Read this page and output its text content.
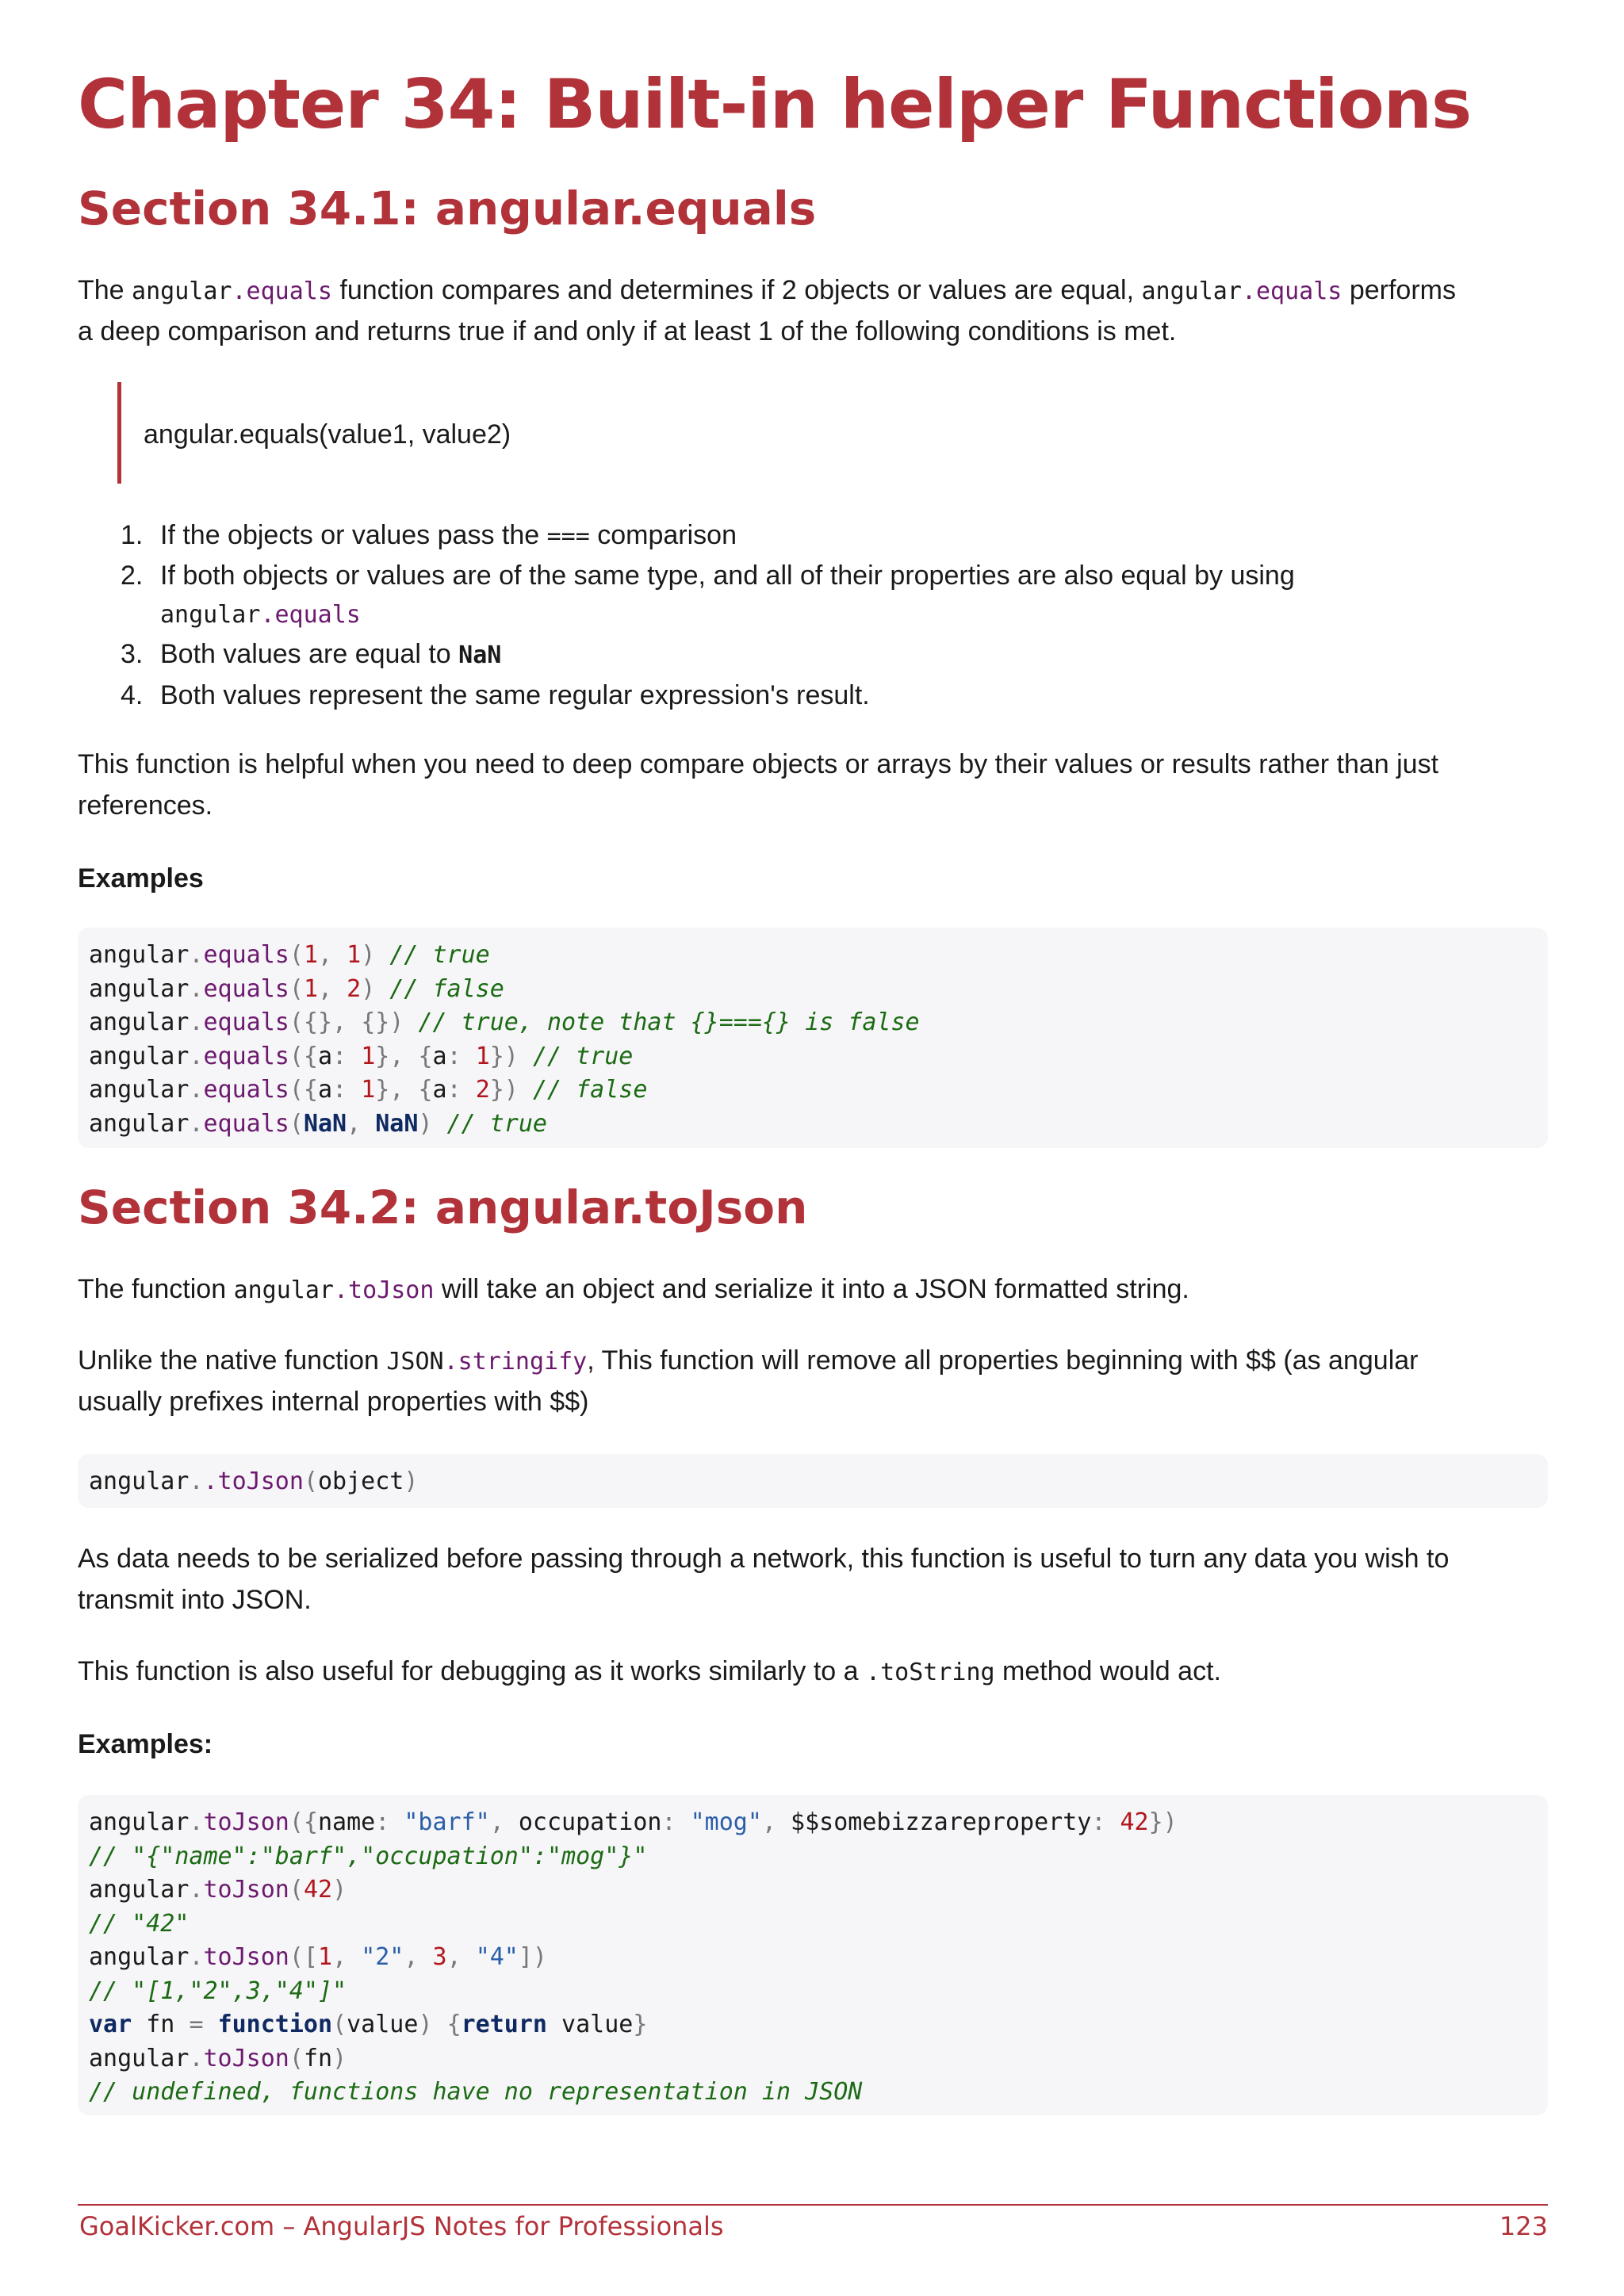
Chapter 34: Built-in helper Functions
Section 34.1: angular.equals

The angular.equals function compares and determines if 2 objects or values are equal, angular.equals performs

a deep comparison and returns true if and only if at least 1 of the following conditions is met.

angular.equals(value1, value2)
1. If the objects or values pass the === comparison
2. If both objects or values are of the same type, and all of their properties are also equal by using
angular.equals
3. Both values are equal to NaN
4. Both values represent the same regular expression's result.

This function is helpful when you need to deep compare objects or arrays by their values or results rather than just

references.

Examples

angular.equals(1, 1) // true
angular.equals(1, 2) // false
angular.equals({}, {}) // true, note that {}==={} is false
angular.equals({a: 1}, {a: 1}) // true
angular.equals({a: 1}, {a: 2}) // false
angular.equals(NaN, NaN) // true
Section 34.2: angular.toJson

The function angular.toJson will take an object and serialize it into a JSON formatted string.

Unlike the native function JSON.stringify, This function will remove all properties beginning with $$ (as angular

usually prefixes internal properties with $$)

angular..toJson(object)

As data needs to be serialized before passing through a network, this function is useful to turn any data you wish to

transmit into JSON.

This function is also useful for debugging as it works similarly to a .toString method would act.

Examples:

angular.toJson({name: "barf", occupation: "mog", $$somebizzareproperty: 42})
// "{"name":"barf","occupation":"mog"}"
angular.toJson(42)
// "42"
angular.toJson([1, "2", 3, "4"])
// "[1,"2",3,"4"]"
var fn = function(value) {return value}
angular.toJson(fn)
// undefined, functions have no representation in JSON
GoalKicker.com – AngularJS Notes for Professionals	123
